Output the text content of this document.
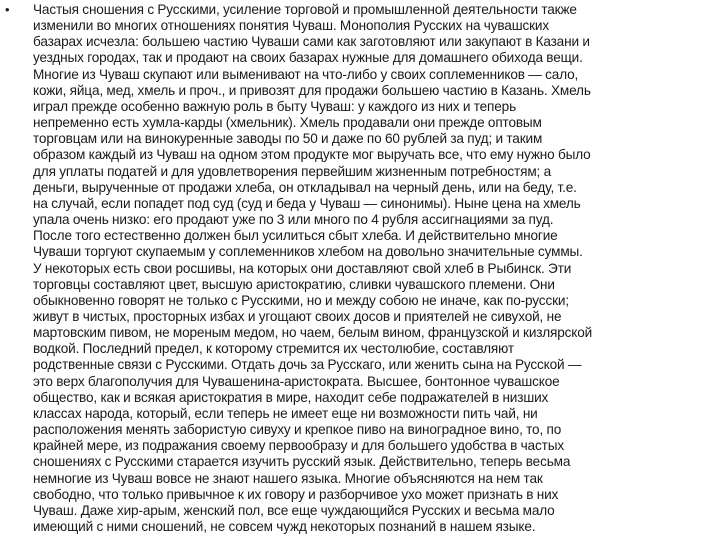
• Частыя сношения с Русскими, усиление торговой и промышленной деятельности также
изменили во многих отношениях понятия Чуваш. Монополия Русских на чувашских
базарах исчезла: большею частию Чуваши сами как заготовляют или закупают в Казани и
уездных городах, так и продают на своих базарах нужные для домашнего обихода вещи.
Многие из Чуваш скупают или выменивают на что-либо у своих соплеменников — сало,
кожи, яйца, мед, хмель и проч., и привозят для продажи большею частию в Казань. Хмель
играл прежде особенно важную роль в быту Чуваш: у каждого из них и теперь
непременно есть хумла-карды (хмельник). Хмель продавали они прежде оптовым
торговцам или на винокуренные заводы по 50 и даже по 60 рублей за пуд; и таким
образом каждый из Чуваш на одном этом продукте мог выручать все, что ему нужно было
для уплаты податей и для удовлетворения первейшим жизненным потребностям; а
деньги, вырученные от продажи хлеба, он откладывал на черный день, или на беду, т.е.
на случай, если попадет под суд (суд и беда у Чуваш — синонимы). Ныне цена на хмель
упала очень низко: его продают уже по 3 или много по 4 рубля ассигнациями за пуд.
После того естественно должен был усилиться сбыт хлеба. И действительно многие
Чуваши торгуют скупаемым у соплеменников хлебом на довольно значительные суммы.
У некоторых есть свои росшивы, на которых они доставляют свой хлеб в Рыбинск. Эти
торговцы составляют цвет, высшую аристократию, сливки чувашского племени. Они
обыкновенно говорят не только с Русскими, но и между собою не иначе, как по-русски;
живут в чистых, просторных избах и угощают своих досов и приятелей не сивухой, не
мартовским пивом, не мореным медом, но чаем, белым вином, французской и кизлярской
водкой. Последний предел, к которому стремится их честолюбие, составляют
родственные связи с Русскими. Отдать дочь за Русскаго, или женить сына на Русской —
это верх благополучия для Чувашенина-аристократа. Высшее, бонтонное чувашское
общество, как и всякая аристократия в мире, находит себе подражателей в низших
классах народа, который, если теперь не имеет еще ни возможности пить чай, ни
расположения менять забористую сивуху и крепкое пиво на виноградное вино, то, по
крайней мере, из подражания своему первообразу и для большего удобства в частых
сношениях с Русскими старается изучить русский язык. Действительно, теперь весьма
немногие из Чуваш вовсе не знают нашего языка. Многие объясняются на нем так
свободно, что только привычное к их говору и разборчивое ухо может признать в них
Чуваш. Даже хир-арым, женский пол, все еще чуждающийся Русских и весьма мало
имеющий с ними сношений, не совсем чужд некоторых познаний в нашем языке.
